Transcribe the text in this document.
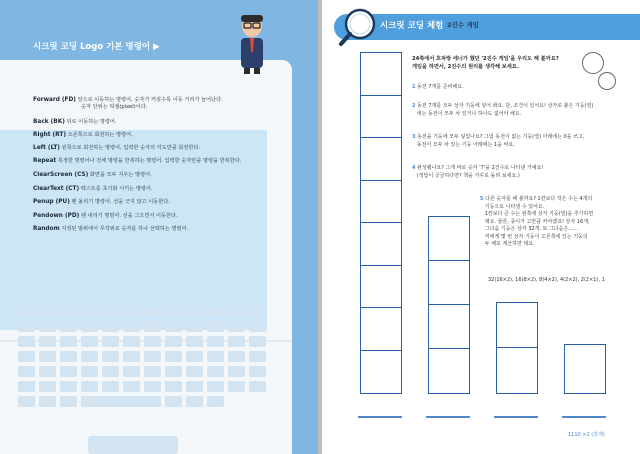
시크릿 코딩 Logo 기본 명령어 ▶
Forward (FD) 앞으로 이동하는 명령어, 숫자가 커질수록 이동 거리가 늘어난다.
숫자 단위는 픽셀(pixel)이다.
Back (BK) 뒤로 이동하는 명령어.
Right (RT) 오른쪽으로 회전하는 명령어.
Left (LT) 왼쪽으로 회전하는 명령어, 입력한 숫자의 각도만큼 회전한다.
Repeat 특정한 명령어나 전체 명령을 반복하는 명령어. 입력한 숫자만큼 명령을 반복한다.
ClearScreen (CS) 화면을 모두 지우는 명령어.
ClearText (CT) 텍스트를 초기화 시키는 명령어.
Penup (PU) 펜 올리기 명령어. 선을 긋지 않고 이동한다.
Pendown (PD) 펜 내리기 명령어. 선을 그으면서 이동한다.
Random 지정된 범위에서 무작위로 숫자를 하나 선택하는 명령어.
시크릿 코딩 체험 2진수 게임
24쪽에서 호파랑 에너가 했던 '2진수 게임'을 우리도 해 볼까요?
게임을 하면서, 2진수의 원리를 생각해 보세요.
1 동전 7개를 준비해요.
2 동전 7개를 모두 상자 기둥에 넣어 봐요. 단, 조건이 있어요! 상자로 붙은 기둥(열)
에는 동전이 모두 차 있거나 하나도 없어야 해요.
3 동전을 기둥에 모두 넣었나요? 그럼 동전이 없는 기둥(열) 아래에는 0을 쓰고,
동전이 모두 차 있는 기둥 아래에는 1을 써요.
4 완성됐나요? 그게 바로 숫자 '7'을 2진수로 나타낸 거예요!
(정답이 궁금하다면? 책을 거꾸로 돌려 보세요.)
5 다른 숫자를 해 볼까요? 1칸보다 작은 수는 4개의
기둥으로 나타낼 수 있어요.
1칸보다 큰 수는 왼쪽에 상자 기둥(열)을 추가하면
돼요. 물론, 종이가 고만큼 커야겠죠! 상자 16개,
그다음 기둥은 상자 32개, 또 그다음은……
저에게 몇 번 상자 기둥이 오른쪽에 있는 기둥의
두 배로 계산하면 돼요.
32(16×2), 16(8×2), 8(4×2), 4(2×2), 2(2×1), 1
1110 ×2 (휴게)
